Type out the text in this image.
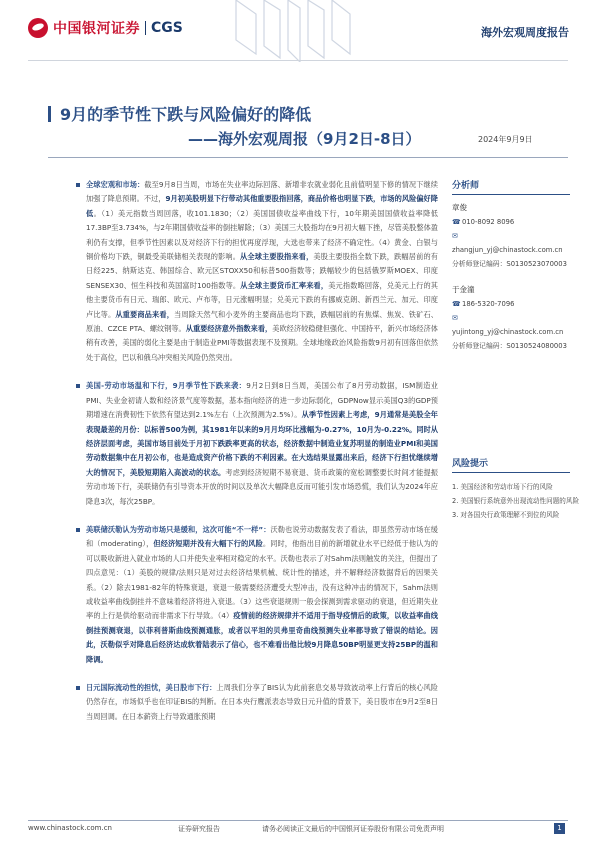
中国银河证券 CGS	海外宏观周度报告
9月的季节性下跌与风险偏好的降低
——海外宏观周报（9月2日-8日）	2024年9月9日
全球宏观和市场：截至9月8日当周，市场在失业率边际回落、新增非农就业弱化且前值明显下修的情况下继续加强了降息预期。不过，9月初美股明显下行带动其他重要股指回落，商品价格也明显下跌，市场的风险偏好降低。（1）美元指数当周回落，收101.1830；（2）美国国债收益率曲线下行，10年期美国国债收益率降低17.3BP至3.734%，与2年期国债收益率的倒挂解除；（3）美国三大股指均在9月初大幅下挫，尽管美股整体盈利仍有支撑，但季节性因素以及对经济下行的担忧再度浮现，大选也带来了经济不确定性。（4）黄金、白银与铜价格均下跌，铜最受美联储相关表现的影响。从全球主要股指来看，美股主要股指全数下跌，跌幅居前的有日经225、纳斯达克、韩国综合、欧元区STOXX50和标普500指数等；跌幅较少的包括俄罗斯MOEX、印度SENSEX30、恒生科技和英国富时100指数等。从全球主要货币汇率来看，美元指数略回落，兑美元上行的其他主要货币有日元、瑞郎、欧元、卢布等，日元涨幅明显；兑美元下跌的有挪威克朗、新西兰元、加元、印度卢比等。从重要商品来看，当周除天然气和小麦外的主要商品也均下跌，跌幅居前的有焦煤、焦炭、铁矿石、原油、CZCE PTA、螺纹钢等。从重要经济意外指数来看，美欧经济较稳健但强化、中国持平，新兴市场经济体稍有改善，美国的弱化主要是由于制造业PMI等数据表现不及预期。全球地缘政治风险指数9月初有回落但依然处于高位，巴以和俄乌冲突相关风险仍然突出。
美国-劳动市场温和下行，9月季节性下跌来袭：9月2日到8日当周，美国公布了8月劳动数据，ISM制造业PMI、失业金初请人数和经济景气度等数据，基本指向经济的进一步边际弱化，GDPNow显示美国Q3的GDP预期增速在消费韧性下依然有望达到2.1%左右（上次预测为2.5%）。从季节性因素上考虑，9月通常是美股全年表现最差的月份：以标普500为例，其1981年以来的9月月均环比涨幅为-0.27%，10月为-0.22%。同时从经济层面考虑，美国市场目前处于月初下跌跌率更高的状态，经济数据中制造业复苏明显的制造业PMI和美国劳动数据集中在月初公布，也是造成资产价格下跌的不利因素。在大选结果显露出来后，经济下行担忧继续增大的情况下，美股短期陷入高波动的状态。考虑到经济短期不易衰退、货币政策的宽松调整要长时间才能提振劳动市场下行，美联储仍有引导资本开放的时间以及单次大幅降息反而可能引发市场恐慌，我们认为2024年应降息3次，每次25BP。
美联储沃勒认为劳动市场只是缓和，这次可能“不一样”：沃勒也说劳动数据发表了看法，即虽然劳动市场在缓和（moderating），但经济短期并没有大幅下行的风险。同时，他指出目前的新增就业水平已经低于他认为的可以吸收新进入就业市场的人口并使失业率相对稳定的水平。沃勒也表示了对Sahm法则触发的关注，但提出了四点意见：（1）美股的规律/法则只是对过去经济结果机械、统计性的描述，并不解释经济数据背后的因果关系。（2）除去1981-82年的特殊衰退，衰退一般需要经济遭受大型冲击，没有这种冲击的情况下，Sahm法则或收益率曲线倒挂并不意味着经济将进入衰退。（3）这些衰退规则一般会探测到需求驱动的衰退，但近期失业率的上行是供给驱动而非需求下行导致。（4）疫情前的经济规律并不适用于指导疫情后的政策，以收益率曲线倒挂预测衰退，以菲利普斯曲线预测通胀，或者以平坦的贝弗里奇曲线预测失业率都导致了错误的结论。因此，沃勒似乎对降息后经济达成软着陆表示了信心，也不难看出他比较9月降息50BP明显更支持25BP的温和降调。
日元国际流动性的担忧，美日股市下行：上周我们分享了BIS认为此前套息交易导致波动率上行背后的核心风险仍然存在，市场似乎也在印证BIS的判断。在日本央行鹰派表态导致日元升值的背景下，美日股市在9月2至8日当周回调。在日本薪资上行导致通胀预期
分析师
章俊
☎010-8092 8096
✉zhangjun_yj@chinastock.com.cn
分析师登记编码：S0130523070003
于金潼
☎186-5320-7096
✉yujintong_yj@chinastock.com.cn
分析师登记编码：S0130524080003
风险提示
1. 美国经济和劳动市场下行的风险
2. 美国银行系统意外出现流动性问题的风险
3. 对各国央行政策理解不到位的风险
www.chinastock.com.cn	证券研究报告	请务必阅读正文最后的中国银河证券股份有限公司免责声明	1
